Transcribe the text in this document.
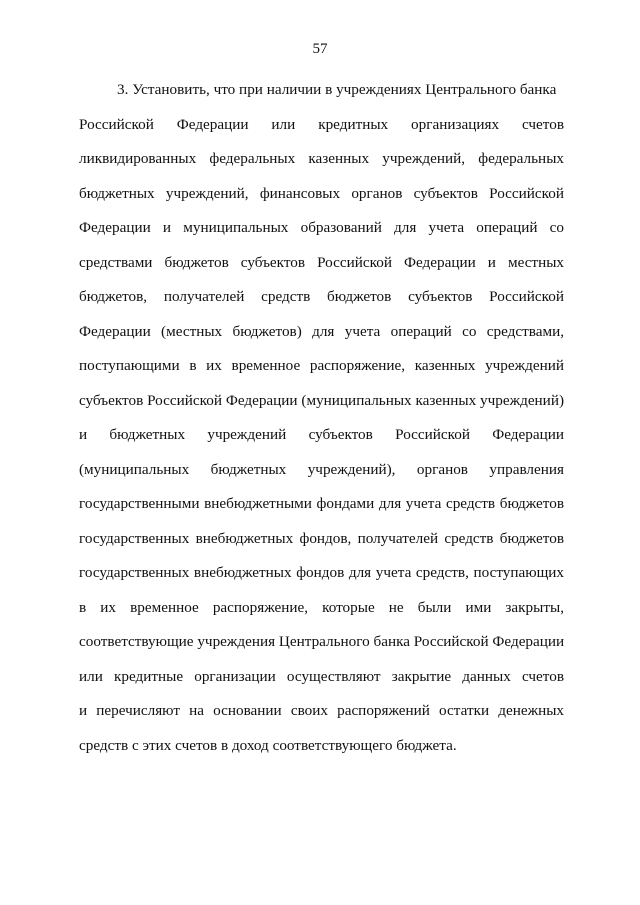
57
3. Установить, что при наличии в учреждениях Центрального банка
Российской Федерации или кредитных организациях счетов
ликвидированных федеральных казенных учреждений, федеральных
бюджетных учреждений, финансовых органов субъектов Российской
Федерации и муниципальных образований для учета операций со
средствами бюджетов субъектов Российской Федерации и местных
бюджетов, получателей средств бюджетов субъектов Российской
Федерации (местных бюджетов) для учета операций со средствами,
поступающими в их временное распоряжение, казенных учреждений
субъектов Российской Федерации (муниципальных казенных учреждений)
и бюджетных учреждений субъектов Российской Федерации
(муниципальных бюджетных учреждений), органов управления
государственными внебюджетными фондами для учета средств бюджетов
государственных внебюджетных фондов, получателей средств бюджетов
государственных внебюджетных фондов для учета средств, поступающих
в их временное распоряжение, которые не были ими закрыты,
соответствующие учреждения Центрального банка Российской Федерации
или кредитные организации осуществляют закрытие данных счетов
и перечисляют на основании своих распоряжений остатки денежных
средств с этих счетов в доход соответствующего бюджета.
